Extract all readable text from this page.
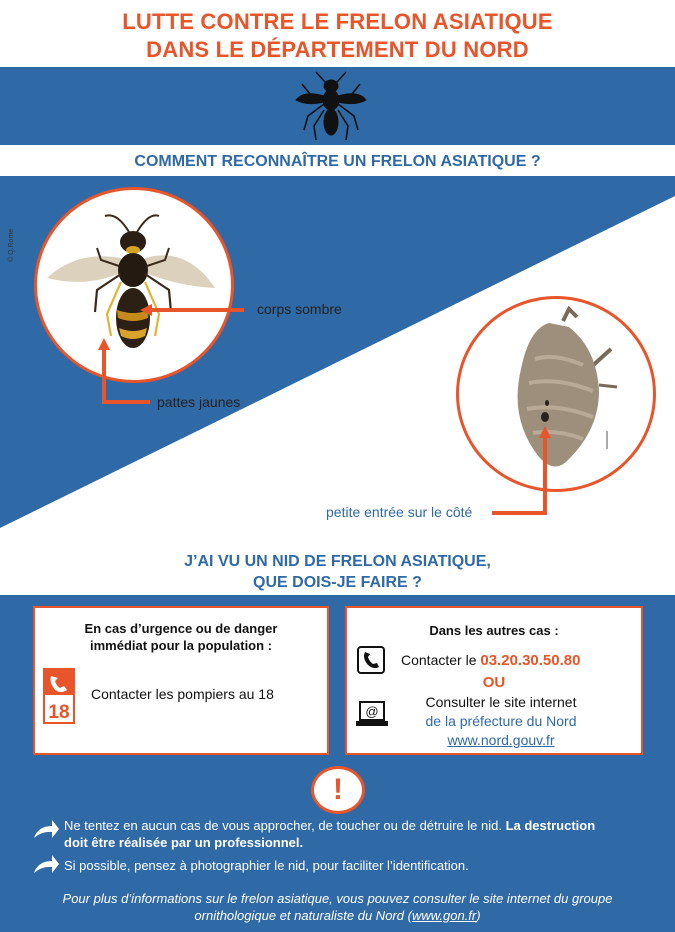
LUTTE CONTRE LE FRELON ASIATIQUE
DANS LE DÉPARTEMENT DU NORD
COMMENT RECONNAÎTRE UN FRELON ASIATIQUE ?
© Q.Rome
corps sombre
pattes jaunes
petite entrée sur le côté
J’AI VU UN NID DE FRELON ASIATIQUE,
QUE DOIS-JE FAIRE ?
En cas d’urgence ou de danger
immédiat pour la population :
18
Contacter les pompiers au 18
Dans les autres cas :
Contacter le 03.20.30.50.80
OU
@
Consulter le site internet
de la préfecture du Nord
www.nord.gouv.fr
!
Ne tentez en aucun cas de vous approcher, de toucher ou de détruire le nid. La destruction
doit être réalisée par un professionnel.
Si possible, pensez à photographier le nid, pour faciliter l’identification.
Pour plus d’informations sur le frelon asiatique, vous pouvez consulter le site internet du groupe
ornithologique et naturaliste du Nord (www.gon.fr)
